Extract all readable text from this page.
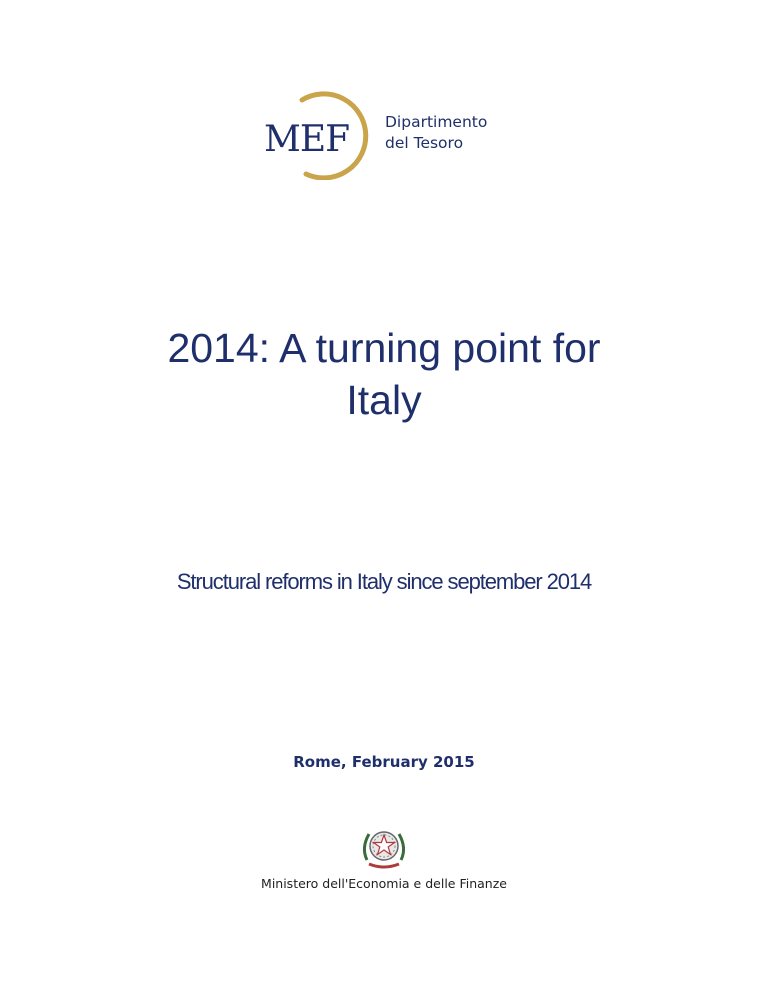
MEF Dipartimento
del Tesoro
2014: A turning point for
Italy
Structural reforms in Italy since september 2014
Rome, February 2015
Ministero dell'Economia e delle Finanze
